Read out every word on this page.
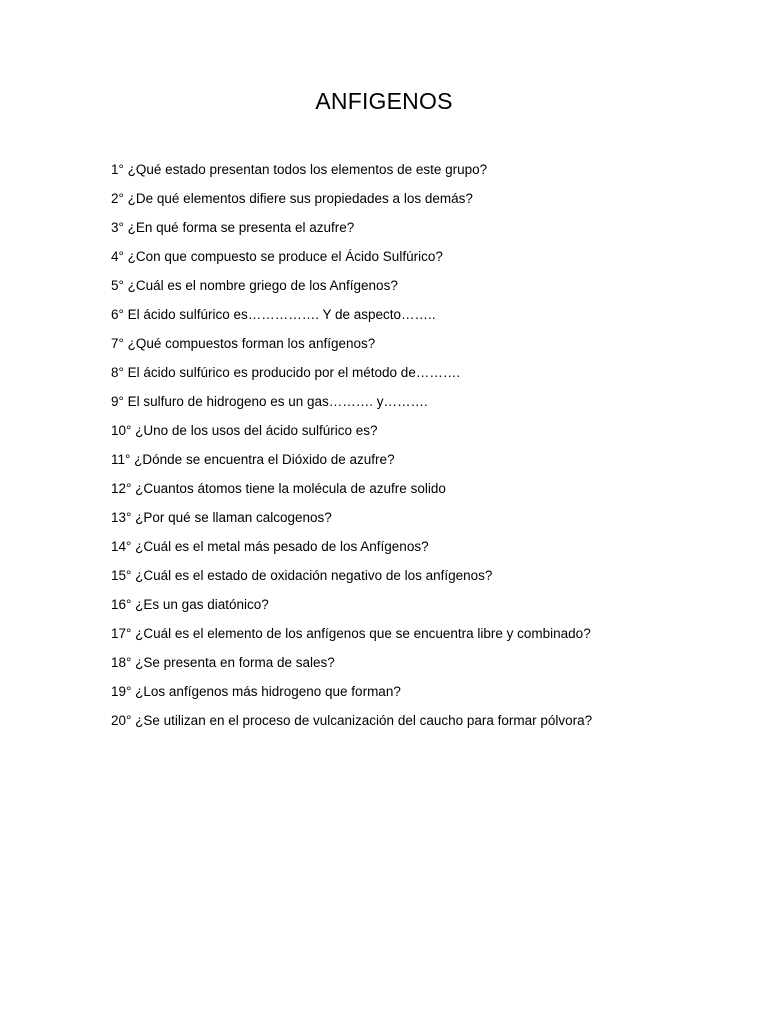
ANFIGENOS
1° ¿Qué estado presentan todos los elementos de este grupo?
2° ¿De qué elementos difiere sus propiedades a los demás?
3° ¿En qué forma se presenta el azufre?
4° ¿Con que compuesto se produce el Ácido Sulfúrico?
5° ¿Cuál es el nombre griego de los Anfígenos?
6° El ácido sulfúrico es……………. Y de aspecto……..
7° ¿Qué compuestos forman los anfígenos?
8° El ácido sulfúrico es producido por el método de……….
9° El sulfuro de hidrogeno es un gas………. y……….
10° ¿Uno de los usos del ácido sulfúrico es?
11° ¿Dónde se encuentra el Dióxido de azufre?
12° ¿Cuantos átomos tiene la molécula de azufre solido
13° ¿Por qué se llaman calcogenos?
14° ¿Cuál es el metal más pesado de los Anfígenos?
15° ¿Cuál es el estado de oxidación negativo de los anfígenos?
16° ¿Es un gas diatónico?
17° ¿Cuál es el elemento de los anfígenos que se encuentra libre y combinado?
18° ¿Se presenta en forma de sales?
19° ¿Los anfígenos más hidrogeno que forman?
20° ¿Se utilizan en el proceso de vulcanización del caucho para formar pólvora?
